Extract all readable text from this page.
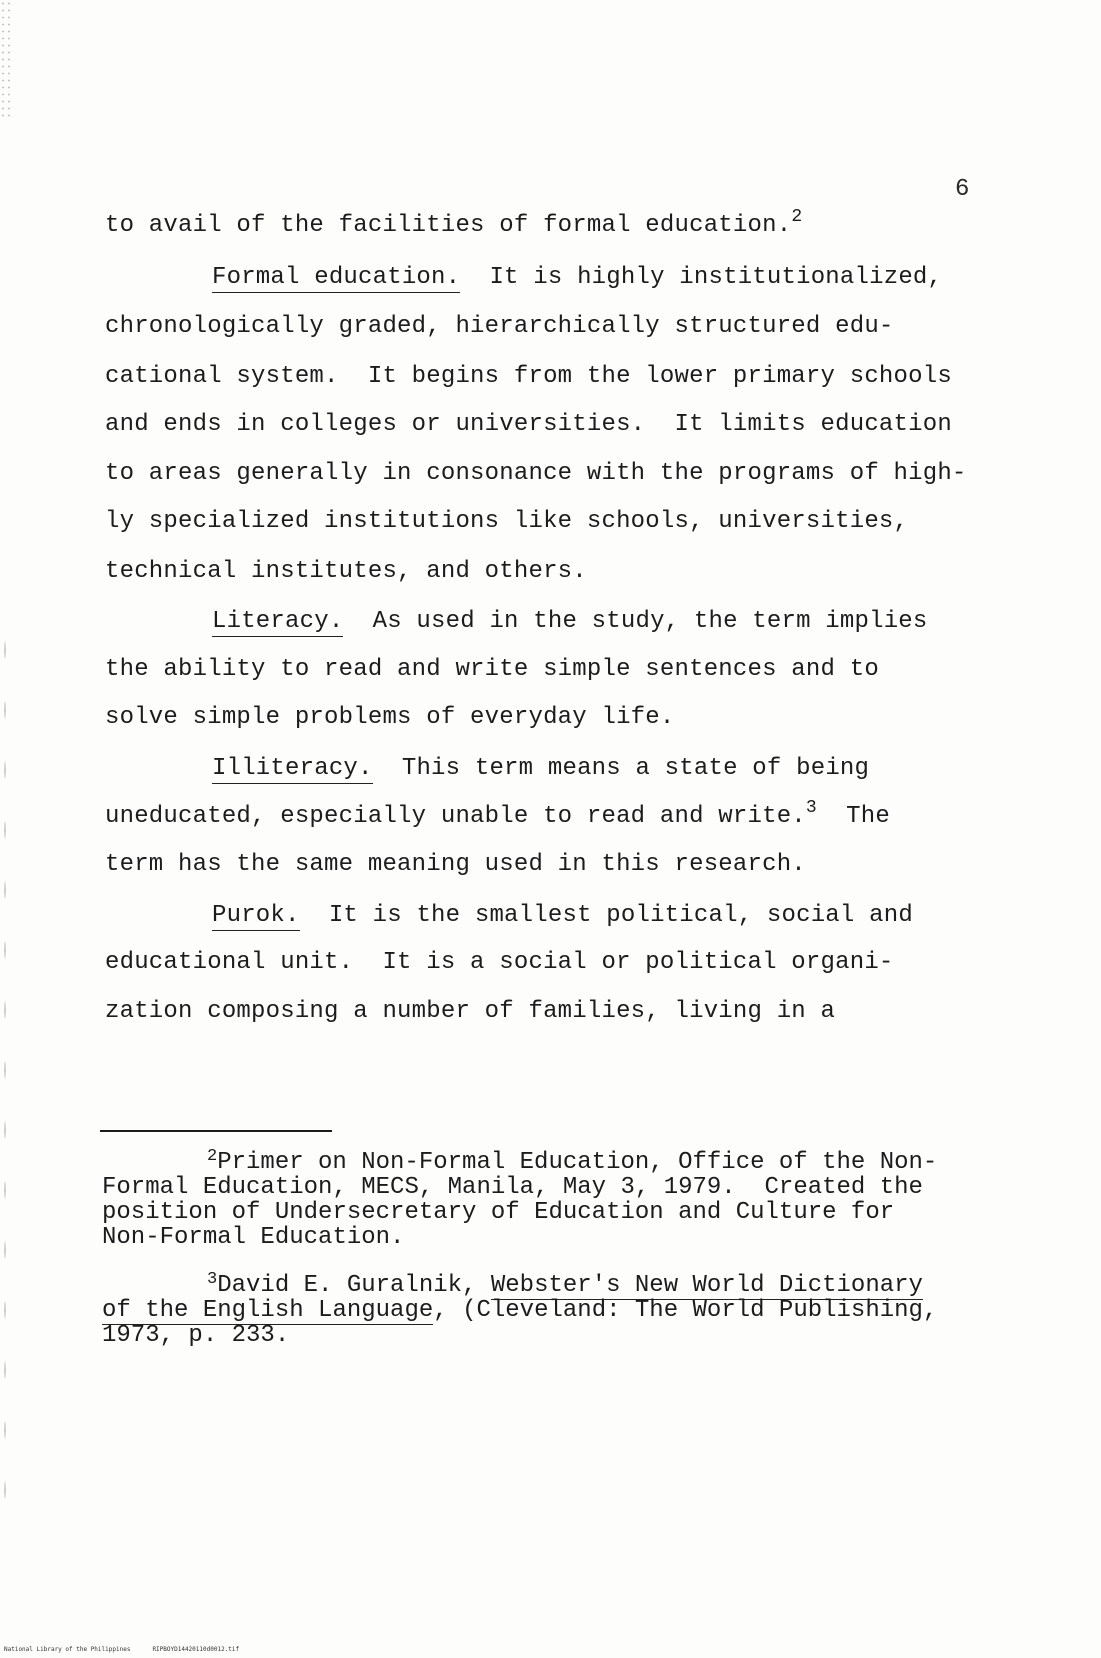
6
to avail of the facilities of formal education.$^2$
Formal education.  It is highly institutionalized,
chronologically graded, hierarchically structured edu-
cational system.  It begins from the lower primary schools
and ends in colleges or universities.  It limits education
to areas generally in consonance with the programs of high-
ly specialized institutions like schools, universities,
technical institutes, and others.
Literacy.  As used in the study, the term implies
the ability to read and write simple sentences and to
solve simple problems of everyday life.
Illiteracy.  This term means a state of being
uneducated, especially unable to read and write.$^3$  The
term has the same meaning used in this research.
Purok.  It is the smallest political, social and
educational unit.  It is a social or political organi-
zation composing a number of families, living in a
$^2$Primer on Non-Formal Education, Office of the Non-
Formal Education, MECS, Manila, May 3, 1979.  Created the
position of Undersecretary of Education and Culture for
Non-Formal Education.
$^3$David E. Guralnik, Webster's New World Dictionary
of the English Language, (Cleveland: The World Publishing,
1973, p. 233.
National Library of the Philippines	RIPBOYD14420110d0012.tif
